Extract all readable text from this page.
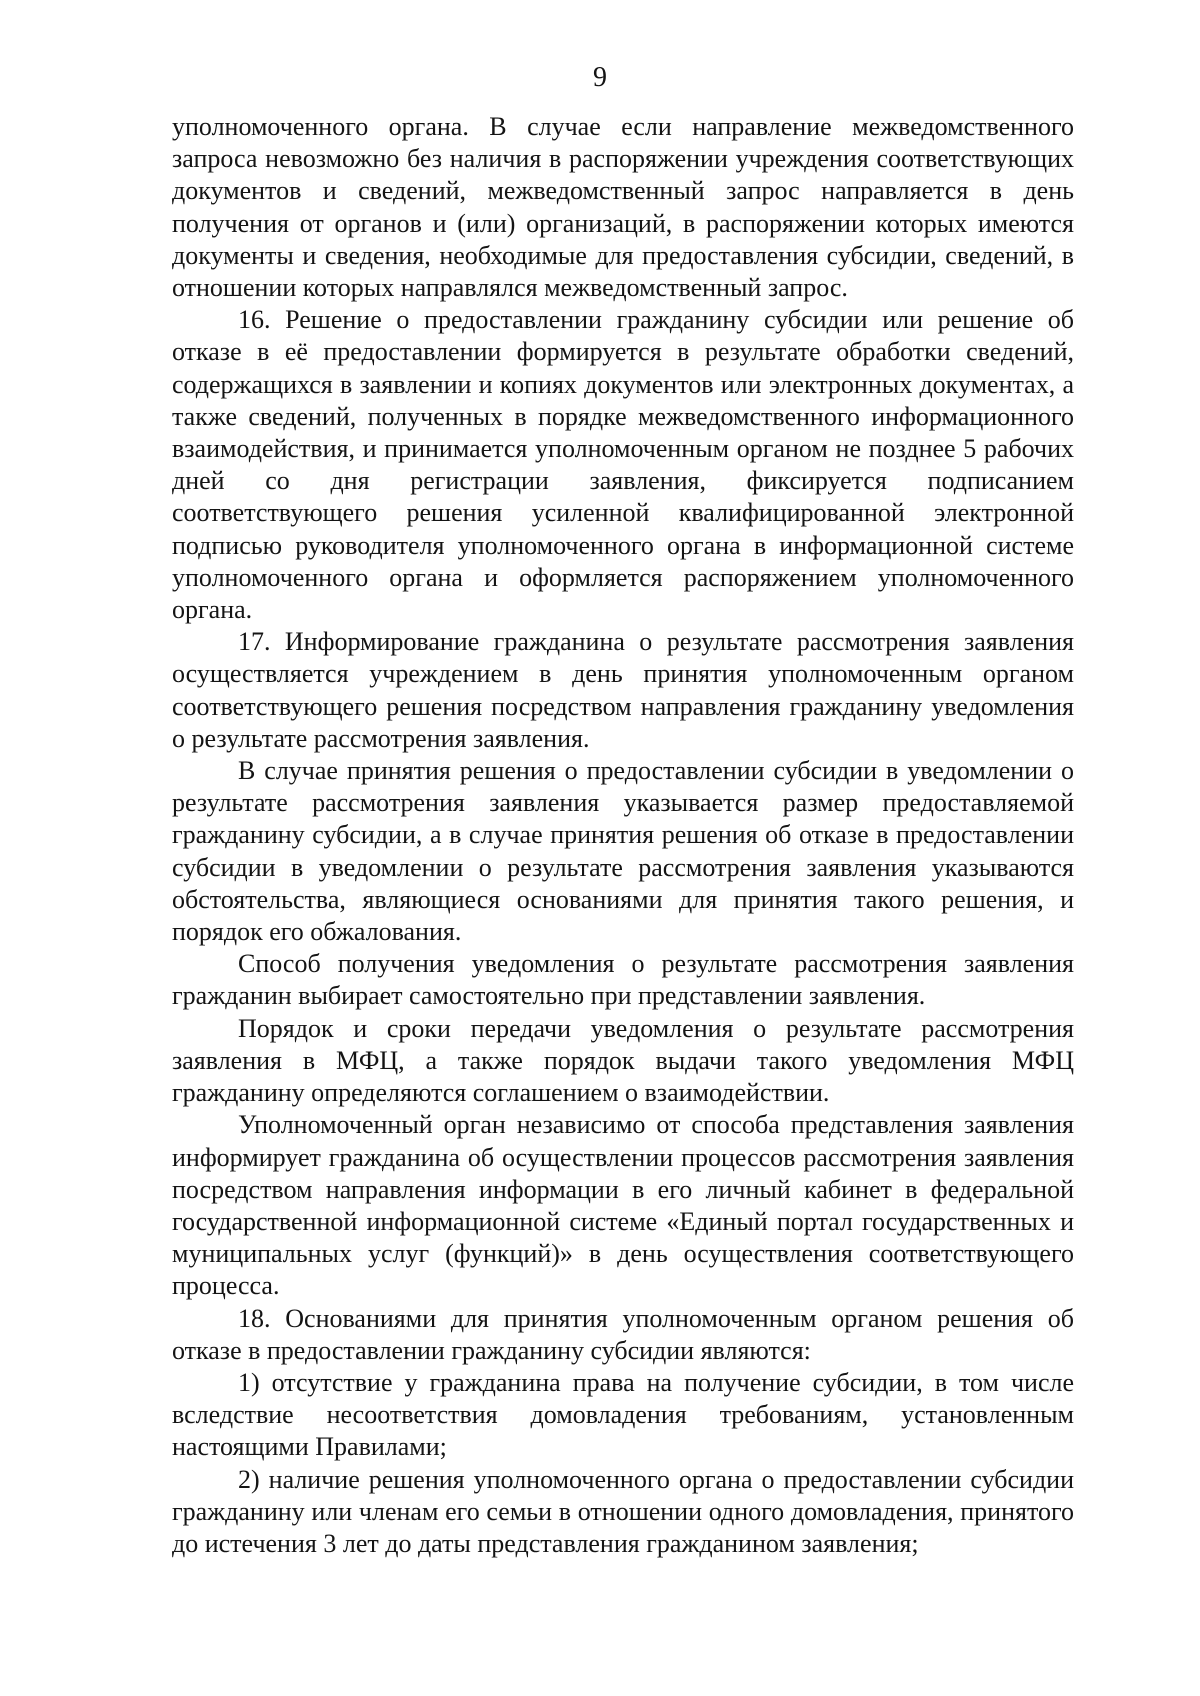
9

уполномоченного органа. В случае если направление межведомственного запроса невозможно без наличия в распоряжении учреждения соответствующих документов и сведений, межведомственный запрос направляется в день получения от органов и (или) организаций, в распоряжении которых имеются документы и сведения, необходимые для предоставления субсидии, сведений, в отношении которых направлялся межведомственный запрос.

16. Решение о предоставлении гражданину субсидии или решение об отказе в её предоставлении формируется в результате обработки сведений, содержащихся в заявлении и копиях документов или электронных документах, а также сведений, полученных в порядке межведомственного информационного взаимодействия, и принимается уполномоченным органом не позднее 5 рабочих дней со дня регистрации заявления, фиксируется подписанием соответствующего решения усиленной квалифицированной электронной подписью руководителя уполномоченного органа в информационной системе уполномоченного органа и оформляется распоряжением уполномоченного органа.

17. Информирование гражданина о результате рассмотрения заявления осуществляется учреждением в день принятия уполномоченным органом соответствующего решения посредством направления гражданину уведомления о результате рассмотрения заявления.

В случае принятия решения о предоставлении субсидии в уведомлении о результате рассмотрения заявления указывается размер предоставляемой гражданину субсидии, а в случае принятия решения об отказе в предоставлении субсидии в уведомлении о результате рассмотрения заявления указываются обстоятельства, являющиеся основаниями для принятия такого решения, и порядок его обжалования.

Способ получения уведомления о результате рассмотрения заявления гражданин выбирает самостоятельно при представлении заявления.

Порядок и сроки передачи уведомления о результате рассмотрения заявления в МФЦ, а также порядок выдачи такого уведомления МФЦ гражданину определяются соглашением о взаимодействии.

Уполномоченный орган независимо от способа представления заявления информирует гражданина об осуществлении процессов рассмотрения заявления посредством направления информации в его личный кабинет в федеральной государственной информационной системе «Единый портал государственных и муниципальных услуг (функций)» в день осуществления соответствующего процесса.

18. Основаниями для принятия уполномоченным органом решения об отказе в предоставлении гражданину субсидии являются:

1) отсутствие у гражданина права на получение субсидии, в том числе вследствие несоответствия домовладения требованиям, установленным настоящими Правилами;

2) наличие решения уполномоченного органа о предоставлении субсидии гражданину или членам его семьи в отношении одного домовладения, принятого до истечения 3 лет до даты представления гражданином заявления;
